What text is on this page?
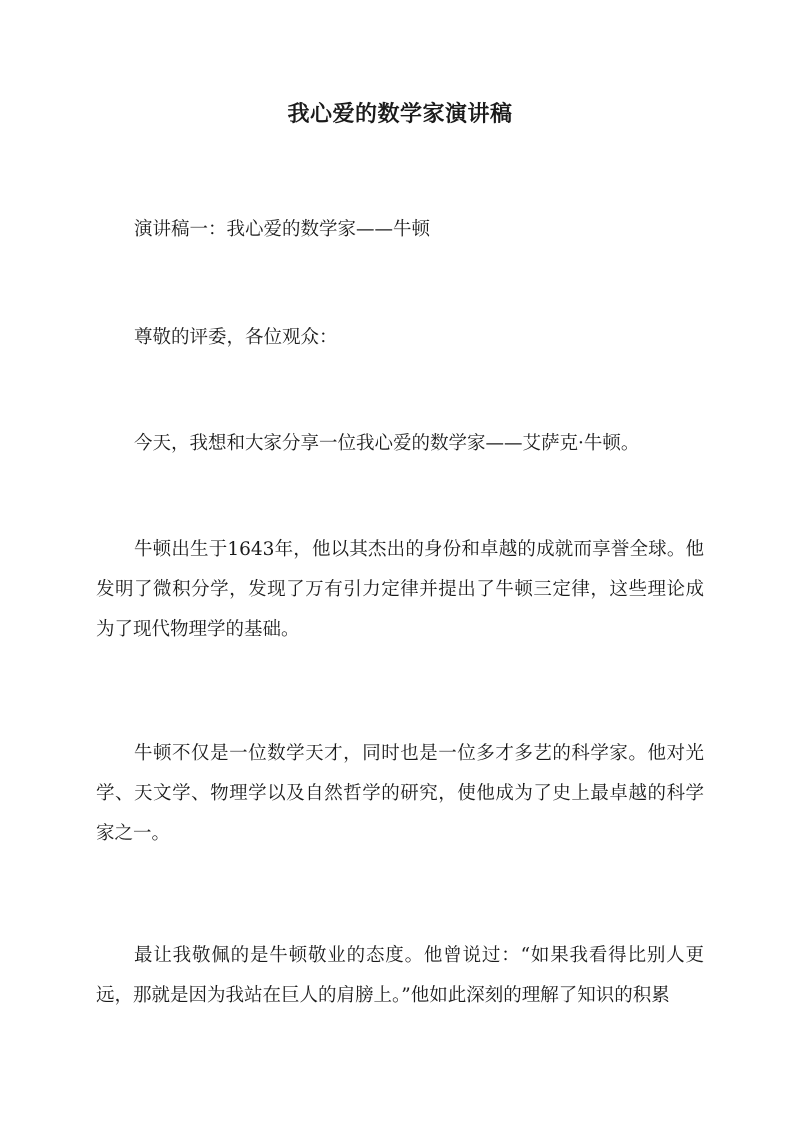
我心爱的数学家演讲稿

演讲稿一：我心爱的数学家——牛顿

尊敬的评委，各位观众：

今天，我想和大家分享一位我心爱的数学家——艾萨克·牛顿。

牛顿出生于1643年，他以其杰出的身份和卓越的成就而享誉全球。他发明了微积分学，发现了万有引力定律并提出了牛顿三定律，这些理论成为了现代物理学的基础。

牛顿不仅是一位数学天才，同时也是一位多才多艺的科学家。他对光学、天文学、物理学以及自然哲学的研究，使他成为了史上最卓越的科学家之一。

最让我敬佩的是牛顿敬业的态度。他曾说过：“如果我看得比别人更远，那就是因为我站在巨人的肩膀上。”他如此深刻的理解了知识的积累
